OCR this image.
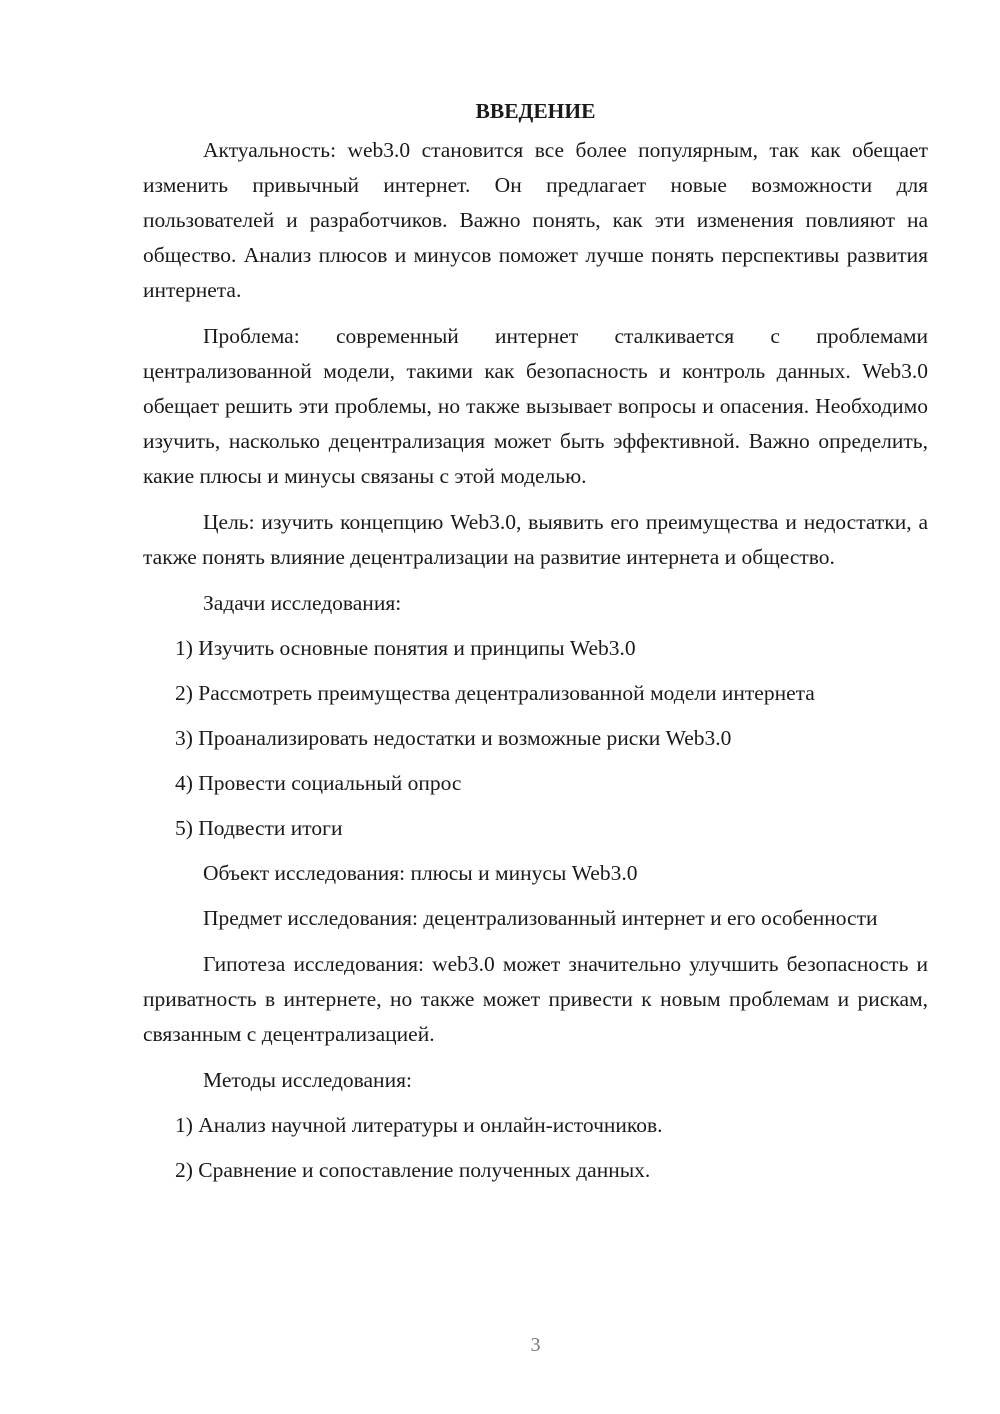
ВВЕДЕНИЕ

Актуальность: web3.0 становится все более популярным, так как обещает изменить привычный интернет. Он предлагает новые возможности для пользователей и разработчиков. Важно понять, как эти изменения повлияют на общество. Анализ плюсов и минусов поможет лучше понять перспективы развития интернета.

Проблема: современный интернет сталкивается с проблемами централизованной модели, такими как безопасность и контроль данных. Web3.0 обещает решить эти проблемы, но также вызывает вопросы и опасения. Необходимо изучить, насколько децентрализация может быть эффективной. Важно определить, какие плюсы и минусы связаны с этой моделью.

Цель: изучить концепцию Web3.0, выявить его преимущества и недостатки, а также понять влияние децентрализации на развитие интернета и общество.

Задачи исследования:

1) Изучить основные понятия и принципы Web3.0
2) Рассмотреть преимущества децентрализованной модели интернета
3) Проанализировать недостатки и возможные риски Web3.0
4) Провести социальный опрос
5) Подвести итоги

Объект исследования: плюсы и минусы Web3.0

Предмет исследования: децентрализованный интернет и его особенности

Гипотеза исследования: web3.0 может значительно улучшить безопасность и приватность в интернете, но также может привести к новым проблемам и рискам, связанным с децентрализацией.

Методы исследования:

1) Анализ научной литературы и онлайн-источников.
2) Сравнение и сопоставление полученных данных.
3
